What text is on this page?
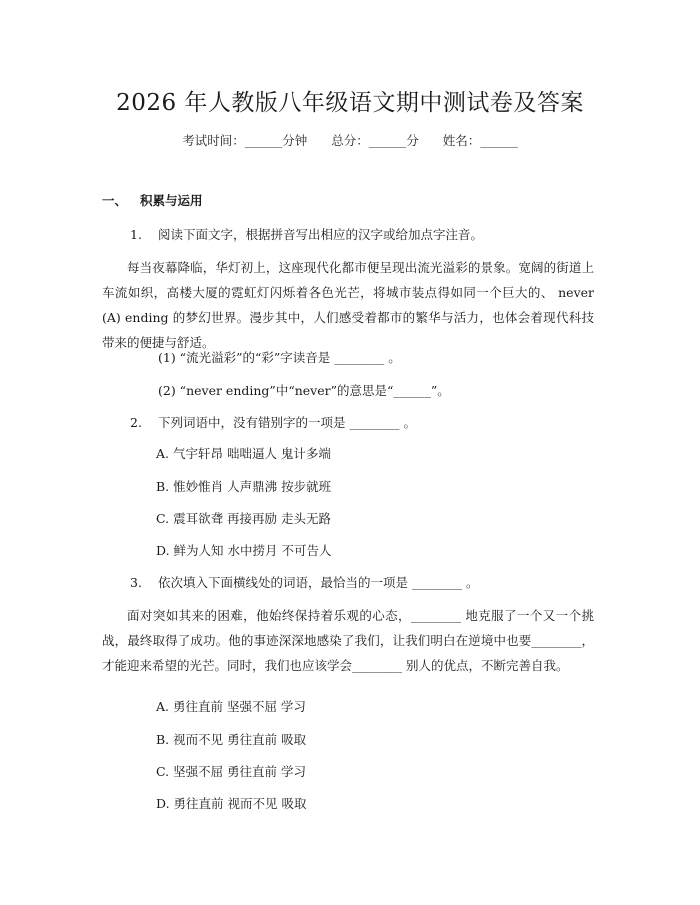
2026 年人教版八年级语文期中测试卷及答案
考试时间：______分钟 总分：______分 姓名：______
一、 积累与运用
1. 阅读下面文字，根据拼音写出相应的汉字或给加点字注音。
每当夜幕降临，华灯初上，这座现代化都市便呈现出流光溢彩的景象。宽阔的街道上车流如织，高楼大厦的霓虹灯闪烁着各色光芒，将城市装点得如同一个巨大的、 never (A) ending 的梦幻世界。漫步其中，人们感受着都市的繁华与活力，也体会着现代科技带来的便捷与舒适。
(1) “流光溢彩”的“彩”字读音是 ________ 。
(2) “never ending”中“never”的意思是“______”。
2. 下列词语中，没有错别字的一项是 ________ 。
A. 气宇轩昂 咄咄逼人 鬼计多端
B. 惟妙惟肖 人声鼎沸 按步就班
C. 震耳欲聋 再接再励 走头无路
D. 鲜为人知 水中捞月 不可告人
3. 依次填入下面横线处的词语，最恰当的一项是 ________ 。
面对突如其来的困难，他始终保持着乐观的心态，________ 地克服了一个又一个挑战，最终取得了成功。他的事迹深深地感染了我们，让我们明白在逆境中也要________，才能迎来希望的光芒。同时，我们也应该学会________ 别人的优点，不断完善自我。
A. 勇往直前 坚强不屈 学习
B. 视而不见 勇往直前 吸取
C. 坚强不屈 勇往直前 学习
D. 勇往直前 视而不见 吸取
